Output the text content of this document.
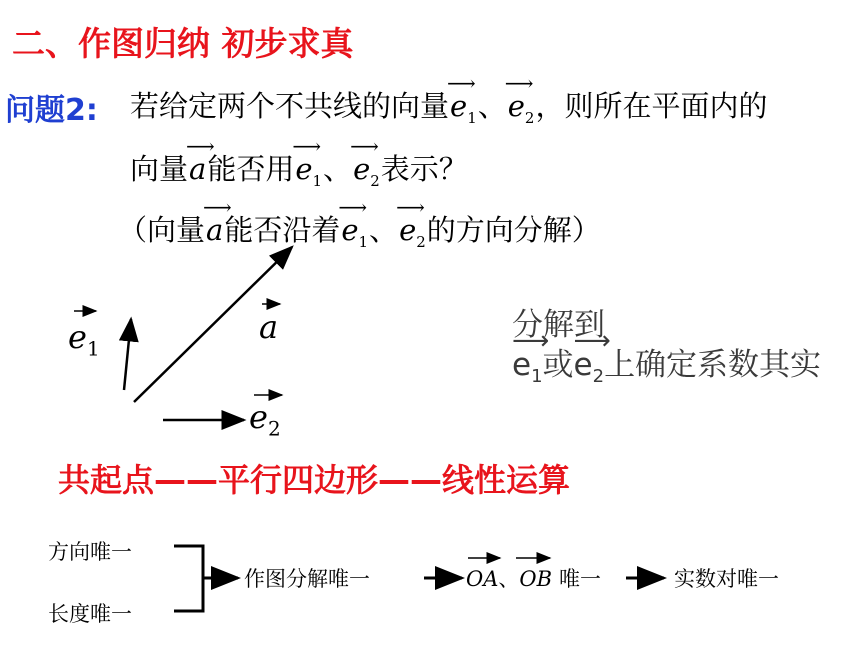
二、作图归纳 初步求真
问题2: 若给定两个不共线的向量⟶ $e_1$、⟶ $e_2$，则所在平面内的
向量⟶ a能否用⟶ $e_1$、⟶ $e_2$表示？
（向量⟶ a能否沿着⟶ $e_1$、⟶ $e_2$的方向分解）
$e_1$
a
$e_2$
分解到
⟶ $e_1$或⟶ $e_2$上确定系数其实
共起点——平行四边形——线性运算
方向唯一
长度唯一
作图分解唯一	OA、OB 唯一	实数对唯一
